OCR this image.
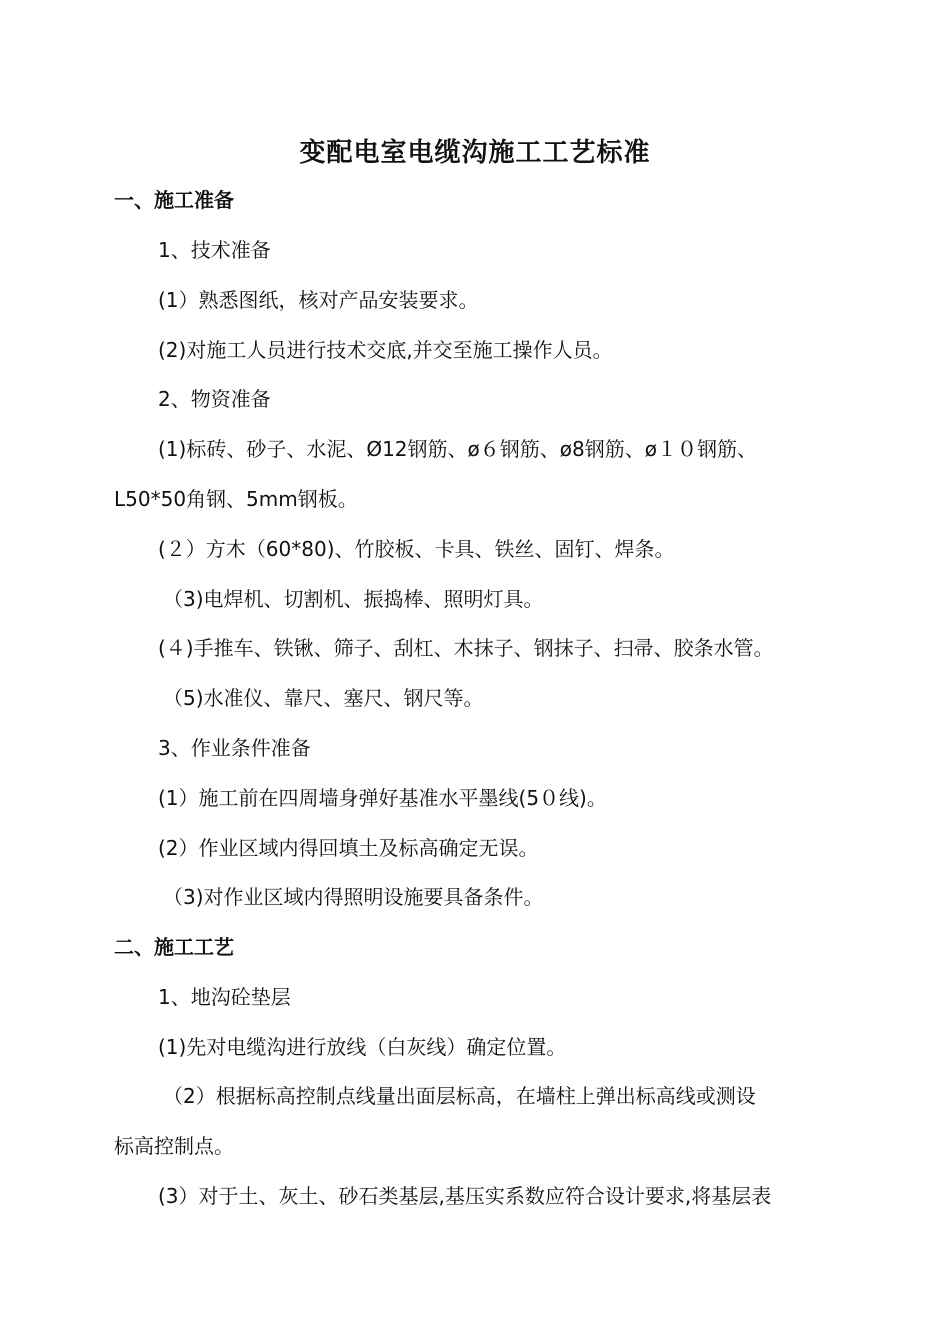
变配电室电缆沟施工工艺标准
一、施工准备
1、技术准备
(1）熟悉图纸，核对产品安装要求。
(2)对施工人员进行技术交底,并交至施工操作人员。
2、物资准备
(1)标砖、砂子、水泥、Ø12钢筋、ø６钢筋、ø8钢筋、ø１０钢筋、
L50*50角钢、5mm钢板。
(２）方木（60*80)、竹胶板、卡具、铁丝、固钉、焊条。
（3)电焊机、切割机、振捣棒、照明灯具。
(４)手推车、铁锹、筛子、刮杠、木抹子、钢抹子、扫帚、胶条水管。
（5)水准仪、靠尺、塞尺、钢尺等。
3、作业条件准备
(1）施工前在四周墙身弹好基准水平墨线(5０线)。
(2）作业区域内得回填土及标高确定无误。
（3)对作业区域内得照明设施要具备条件。
二、施工工艺
1、地沟砼垫层
(1)先对电缆沟进行放线（白灰线）确定位置。
（2）根据标高控制点线量出面层标高，在墙柱上弹出标高线或测设
标高控制点。
(3）对于土、灰土、砂石类基层,基压实系数应符合设计要求,将基层表
